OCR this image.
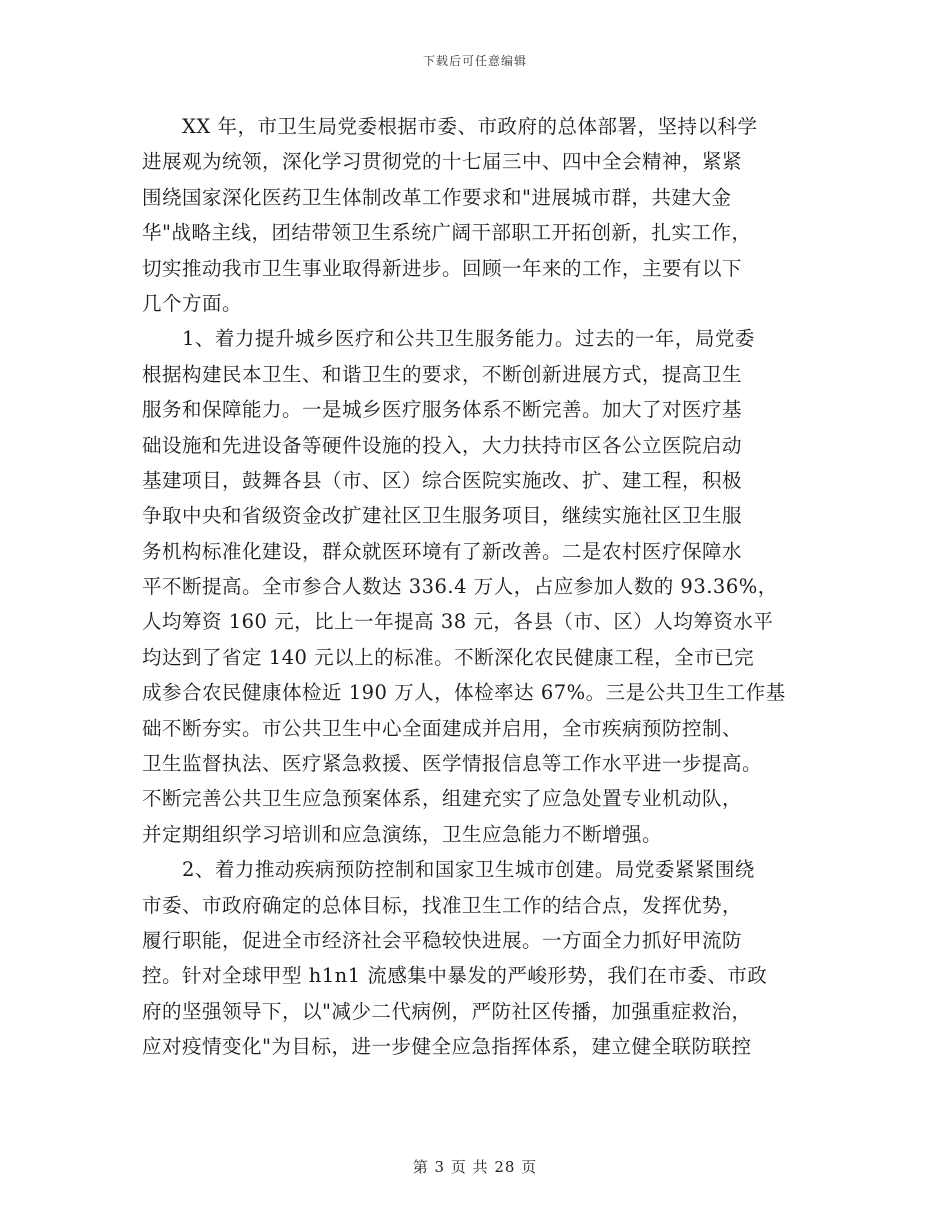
下载后可任意编辑
XX 年，市卫生局党委根据市委、市政府的总体部署，坚持以科学
进展观为统领，深化学习贯彻党的十七届三中、四中全会精神，紧紧
围绕国家深化医药卫生体制改革工作要求和"进展城市群，共建大金
华"战略主线，团结带领卫生系统广阔干部职工开拓创新，扎实工作，
切实推动我市卫生事业取得新进步。回顾一年来的工作，主要有以下
几个方面。
1、着力提升城乡医疗和公共卫生服务能力。过去的一年，局党委
根据构建民本卫生、和谐卫生的要求，不断创新进展方式，提高卫生
服务和保障能力。一是城乡医疗服务体系不断完善。加大了对医疗基
础设施和先进设备等硬件设施的投入，大力扶持市区各公立医院启动
基建项目，鼓舞各县（市、区）综合医院实施改、扩、建工程，积极
争取中央和省级资金改扩建社区卫生服务项目，继续实施社区卫生服
务机构标准化建设，群众就医环境有了新改善。二是农村医疗保障水
平不断提高。全市参合人数达 336.4 万人，占应参加人数的 93.36%，
人均筹资 160 元，比上一年提高 38 元，各县（市、区）人均筹资水平
均达到了省定 140 元以上的标准。不断深化农民健康工程，全市已完
成参合农民健康体检近 190 万人，体检率达 67%。三是公共卫生工作基
础不断夯实。市公共卫生中心全面建成并启用，全市疾病预防控制、
卫生监督执法、医疗紧急救援、医学情报信息等工作水平进一步提高。
不断完善公共卫生应急预案体系，组建充实了应急处置专业机动队，
并定期组织学习培训和应急演练，卫生应急能力不断增强。
2、着力推动疾病预防控制和国家卫生城市创建。局党委紧紧围绕
市委、市政府确定的总体目标，找准卫生工作的结合点，发挥优势，
履行职能，促进全市经济社会平稳较快进展。一方面全力抓好甲流防
控。针对全球甲型 h1n1 流感集中暴发的严峻形势，我们在市委、市政
府的坚强领导下，以"减少二代病例，严防社区传播，加强重症救治，
应对疫情变化"为目标，进一步健全应急指挥体系，建立健全联防联控
第 3 页 共 28 页
